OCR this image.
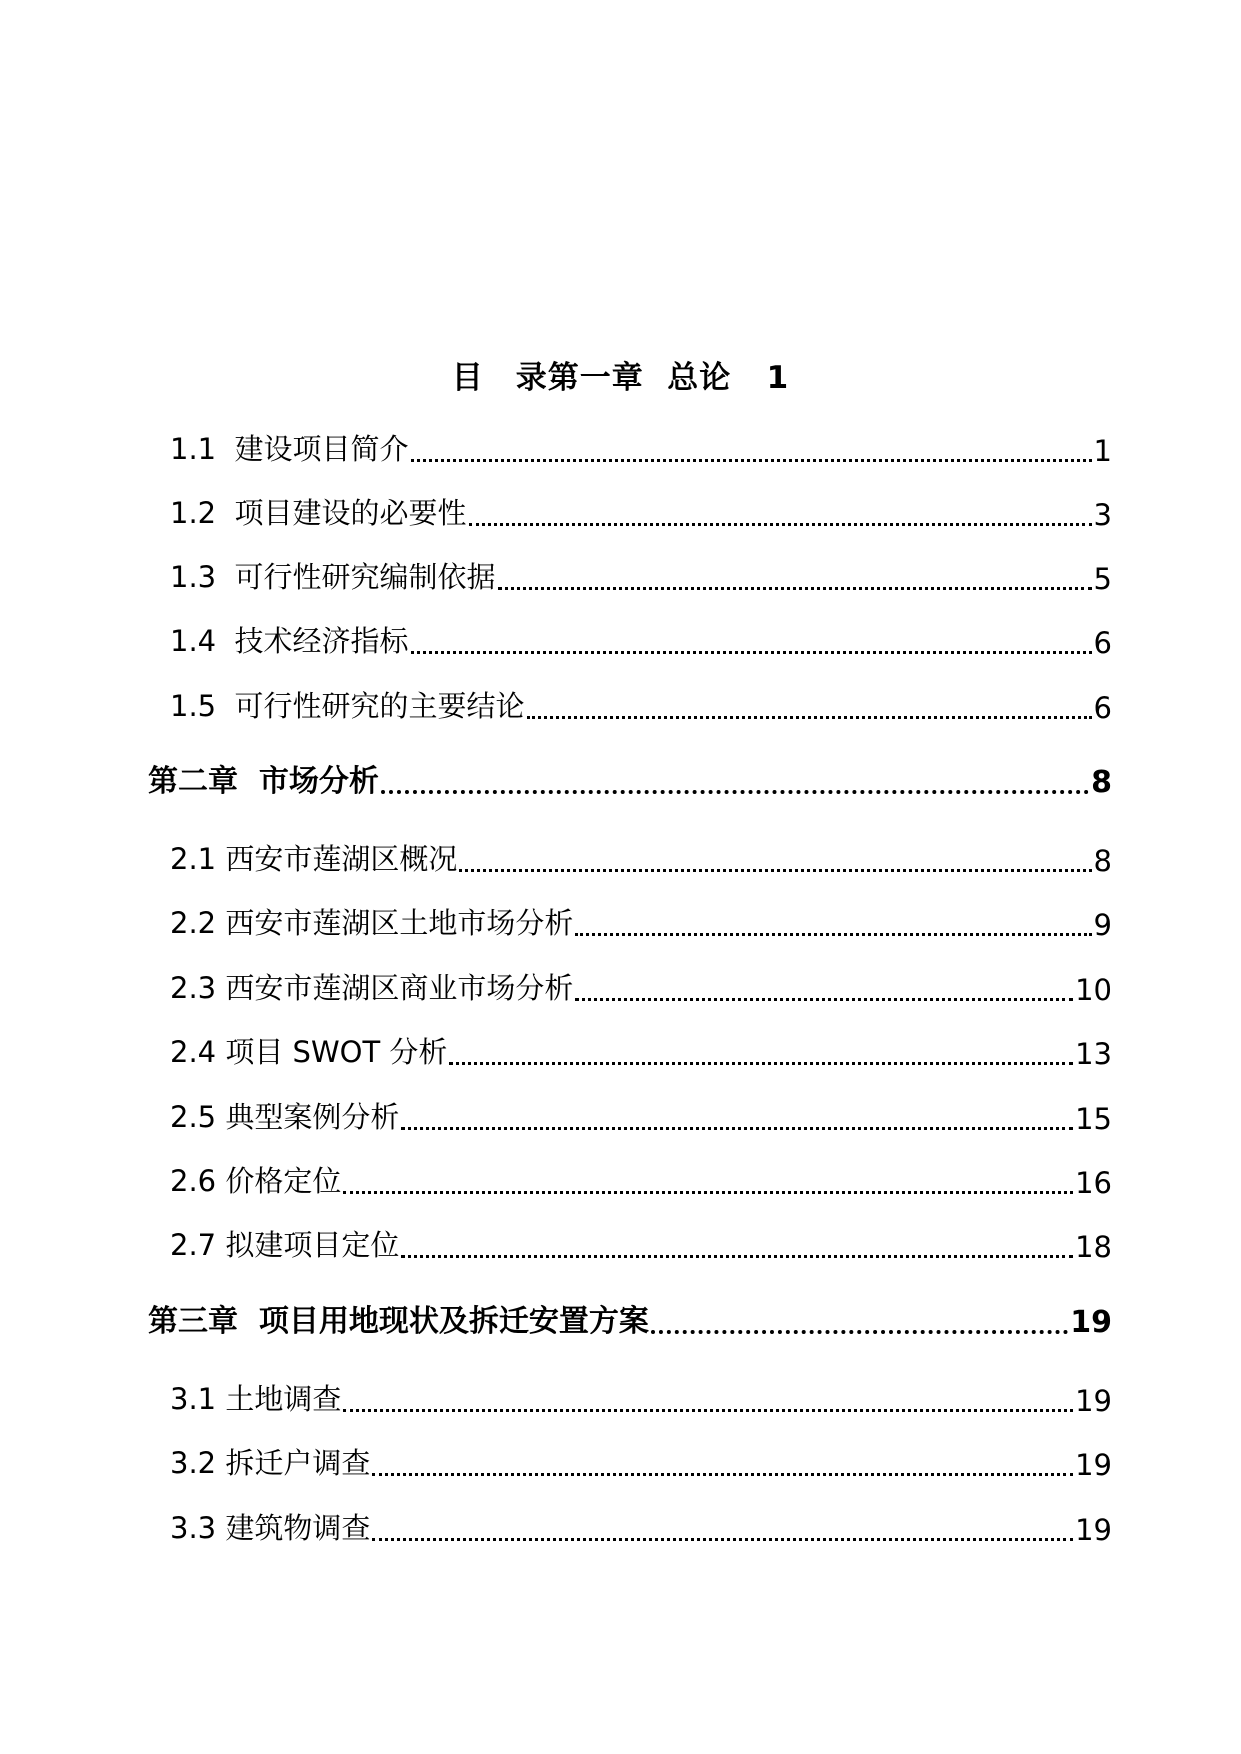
目　录第一章  总论   1
1.1  建设项目简介	1
1.2  项目建设的必要性	3
1.3  可行性研究编制依据	5
1.4  技术经济指标	6
1.5  可行性研究的主要结论	6
第二章  市场分析	8
2.1 西安市莲湖区概况	8
2.2 西安市莲湖区土地市场分析	9
2.3 西安市莲湖区商业市场分析	10
2.4 项目 SWOT 分析	13
2.5 典型案例分析	15
2.6 价格定位	16
2.7 拟建项目定位	18
第三章  项目用地现状及拆迁安置方案	19
3.1 土地调查	19
3.2 拆迁户调查	19
3.3 建筑物调查	19
